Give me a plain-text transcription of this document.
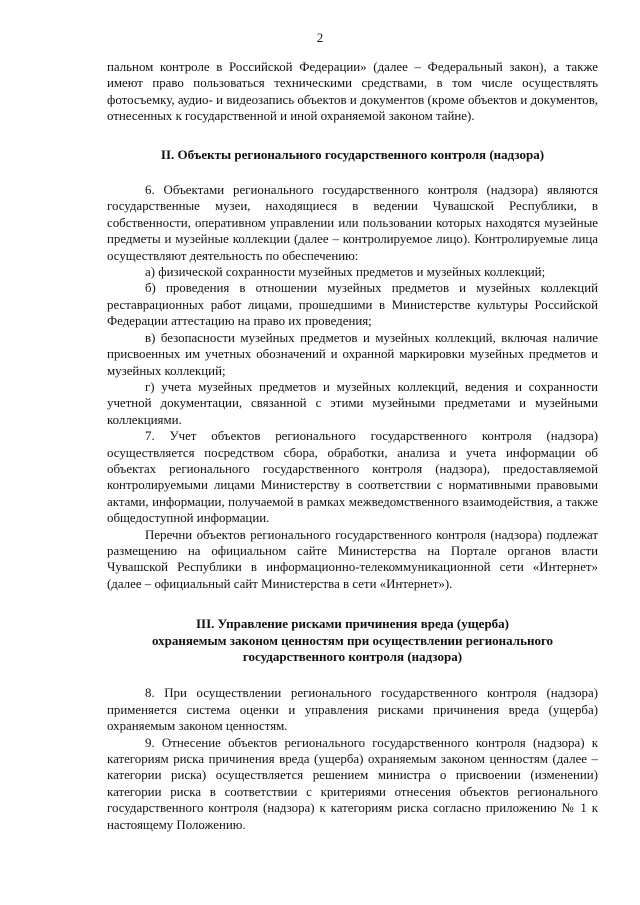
2

пальном контроле в Российской Федерации» (далее – Федеральный закон), а также имеют право пользоваться техническими средствами, в том числе осуществлять фотосъемку, аудио- и видеозапись объектов и документов (кроме объектов и документов, отнесенных к государственной и иной охраняемой законом тайне).

II. Объекты регионального государственного контроля (надзора)

6. Объектами регионального государственного контроля (надзора) являются государственные музеи, находящиеся в ведении Чувашской Республики, в собственности, оперативном управлении или пользовании которых находятся музейные предметы и музейные коллекции (далее – контролируемое лицо). Контролируемые лица осуществляют деятельность по обеспечению:

а) физической сохранности музейных предметов и музейных коллекций;

б) проведения в отношении музейных предметов и музейных коллекций реставрационных работ лицами, прошедшими в Министерстве культуры Российской Федерации аттестацию на право их проведения;

в) безопасности музейных предметов и музейных коллекций, включая наличие присвоенных им учетных обозначений и охранной маркировки музейных предметов и музейных коллекций;

г) учета музейных предметов и музейных коллекций, ведения и сохранности учетной документации, связанной с этими музейными предметами и музейными коллекциями.

7. Учет объектов регионального государственного контроля (надзора) осуществляется посредством сбора, обработки, анализа и учета информации об объектах регионального государственного контроля (надзора), предоставляемой контролируемыми лицами Министерству в соответствии с нормативными правовыми актами, информации, получаемой в рамках межведомственного взаимодействия, а также общедоступной информации.

Перечни объектов регионального государственного контроля (надзора) подлежат размещению на официальном сайте Министерства на Портале органов власти Чувашской Республики в информационно-телекоммуникационной сети «Интернет» (далее – официальный сайт Министерства в сети «Интернет»).

III. Управление рисками причинения вреда (ущерба)

охраняемым законом ценностям при осуществлении регионального

государственного контроля (надзора)

8. При осуществлении регионального государственного контроля (надзора) применяется система оценки и управления рисками причинения вреда (ущерба) охраняемым законом ценностям.

9. Отнесение объектов регионального государственного контроля (надзора) к категориям риска причинения вреда (ущерба) охраняемым законом ценностям (далее – категории риска) осуществляется решением министра о присвоении (изменении) категории риска в соответствии с критериями отнесения объектов регионального государственного контроля (надзора) к категориям риска согласно приложению № 1 к настоящему Положению.
